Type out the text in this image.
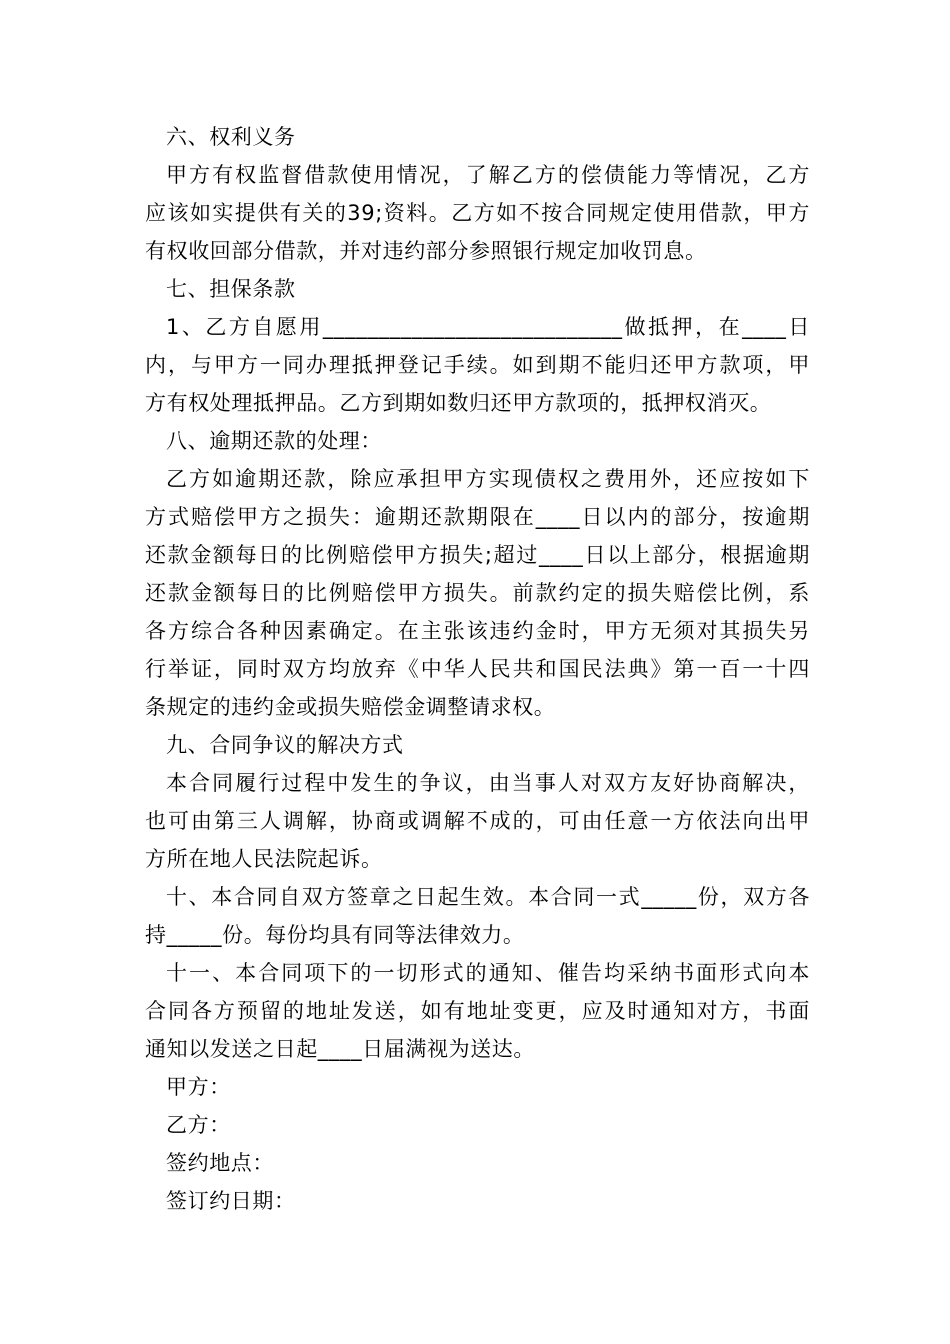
六、权利义务
甲方有权监督借款使用情况，了解乙方的偿债能力等情况，乙方
应该如实提供有关的39;资料。乙方如不按合同规定使用借款，甲方
有权收回部分借款，并对违约部分参照银行规定加收罚息。
七、担保条款
1、乙方自愿用___________________________做抵押，在____日
内，与甲方一同办理抵押登记手续。如到期不能归还甲方款项，甲
方有权处理抵押品。乙方到期如数归还甲方款项的，抵押权消灭。
八、逾期还款的处理：
乙方如逾期还款，除应承担甲方实现债权之费用外，还应按如下
方式赔偿甲方之损失：逾期还款期限在____日以内的部分，按逾期
还款金额每日的比例赔偿甲方损失;超过____日以上部分，根据逾期
还款金额每日的比例赔偿甲方损失。前款约定的损失赔偿比例，系
各方综合各种因素确定。在主张该违约金时，甲方无须对其损失另
行举证，同时双方均放弃《中华人民共和国民法典》第一百一十四
条规定的违约金或损失赔偿金调整请求权。
九、合同争议的解决方式
本合同履行过程中发生的争议，由当事人对双方友好协商解决，
也可由第三人调解，协商或调解不成的，可由任意一方依法向出甲
方所在地人民法院起诉。
十、本合同自双方签章之日起生效。本合同一式_____份，双方各
持_____份。每份均具有同等法律效力。
十一、本合同项下的一切形式的通知、催告均采纳书面形式向本
合同各方预留的地址发送，如有地址变更，应及时通知对方，书面
通知以发送之日起____日届满视为送达。
甲方：
乙方：
签约地点：
签订约日期：
